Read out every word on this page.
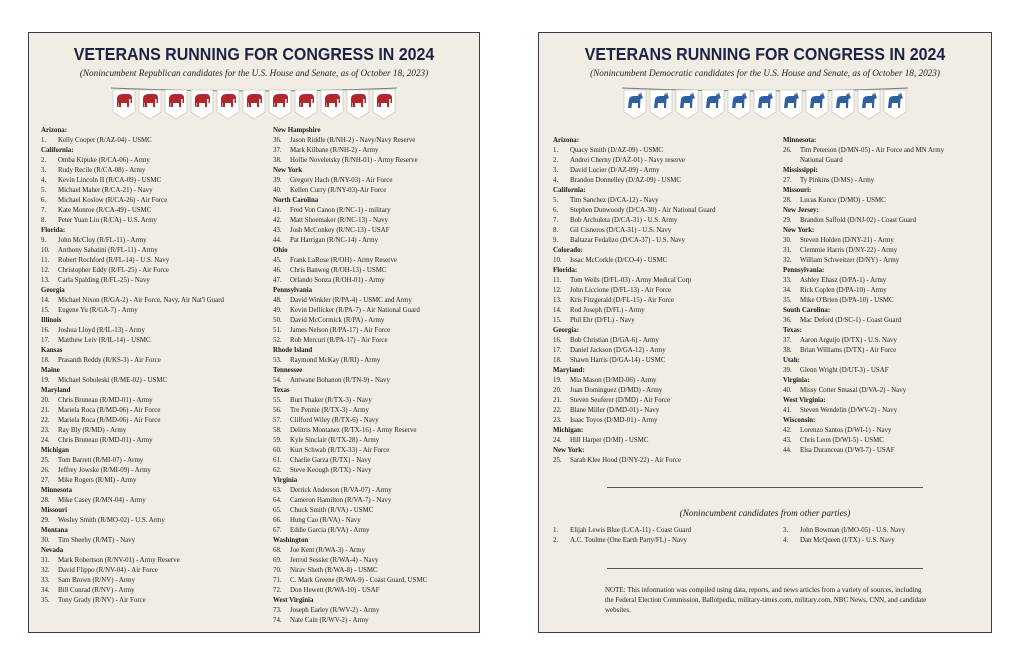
VETERANS RUNNING FOR CONGRESS IN 2024
(Nonincumbent Republican candidates for the U.S. House and Senate, as of October 18, 2023)
Arizona:
1. Kelly Cooper (R/AZ-04) - USMC
California:
2. Omba Kipuke (R/CA-06) - Army
3. Rudy Recile (R/CA-08) - Army
4. Kevin Lincoln II (R/CA-09) - USMC
5. Michael Maher (R/CA-21) - Navy
6. Michael Koslow (R/CA-26) - Air Force
7. Kate Monroe (R/CA-49) - USMC
8. Peter Yuan Liu (R/CA) - U.S. Army
Florida:
9. John McCloy (R/FL-11) - Army
10. Anthony Sabatini (R/FL-11) - Army
11. Robert Rochford (R/FL-14) - U.S. Navy
12. Christopher Eddy (R/FL-25) - Air Force
13. Carla Spalding (R/FL-25) - Navy
Georgia
14. Michael Nixon (R/GA-2) - Air Force, Navy, Air Nat'l Guard
15. Eugene Yu (R/GA-7) - Army
Illinois
16. Joshua Lloyd (R/IL-13) - Army
17. Matthew Leiv (R/IL-14) - USMC
Kansas
18. Prasanth Reddy (R/KS-3) - Air Force
Maine
19. Michael Soboleski (R/ME-02) - USMC
Maryland
20. Chris Bruneau (R/MD-01) - Army
21. Mariela Roca (R/MD-06) - Air Force
22. Mariela Roca (R/MD-06) - Air Force
23. Ray Bly (R/MD) - Army
24. Chris Bruneau (R/MD-01) - Army
Michigan
25. Tom Barrett (R/MI-07) - Army
26. Jeffrey Jowske (R/MI-09) - Army
27. Mike Rogers (R/MI) - Army
Minnesota
28. Mike Casey (R/MN-04) - Army
Missouri
29. Wesley Smith (R/MO-02) - U.S. Army
Montana
30. Tim Sheehy (R/MT) - Navy
Nevada
31. Mark Robertson (R/NV-01) - Army Reserve
32. David Flippo (R/NV-04) - Air Force
33. Sam Brown (R/NV) - Army
34. Bill Conrad (R/NV) - Army
35. Tony Grady (R/NV) - Air Force
New Hampshire
36. Jason Riddle (R/NH-2) - Navy/Navy Reserve
37. Mark Kilbane (R/NH-2) - Army
38. Hollie Noveletsky (R/NH-01) - Army Reserve
New York
39. Gregory Hach (R/NY-03) - Air Force
40. Kellen Curry (R/NY-03)-Air Force
North Carolina
41. Fred Von Canon (R/NC-1) - military
42. Matt Shoemaker (R/NC-13) - Navy
43. Josh McConkey (R/NC-13) - USAF
44. Pat Harrigan (R/NC-14) - Army
Ohio
45. Frank LaRose (R/OH) - Army Reserve
46. Chris Banweg (R/OH-13) - USMC
47. Orlando Sonza (R/OH-01) - Army
Pennsylvania
48. David Winkler (R/PA-4) - USMC and Army
49. Kevin Dellicker (R/PA-7) - Air National Guard
50. David McCormick (R/PA) - Army
51. James Nelson (R/PA-17) - Air Force
52. Rob Mercuri (R/PA-17) - Air Force
Rhode Island
53. Raymond McKay (R/RI) - Army
Tennessee
54. Antwane Bohanon (R/TN-9) - Navy
Texas
55. Burt Thaker (R/TX-3) - Navy
56. Tre Pennie (R/TX-3) - Army
57. Clifford Wiley (R/TX-6) - Navy
58. Delitris Montanez (R/TX-16) - Army Reserve
59. Kyle Sinclair (R/TX-28) - Army
60. Kurt Schwab (R/TX-33) - Air Force
61. Charlie Garza (R/TX) - Navy
62. Steve Keough (R/TX) - Navy
Virginia
63. Derrick Anderson (R/VA-07) - Army
64. Cameron Hamilton (R/VA-7) - Navy
65. Chuck Smith (R/VA) - USMC
66. Hung Cao (R/VA) - Navy
67. Eddie Garcia (R/VA) - Army
Washington
68. Joe Kent (R/WA-3) - Army
69. Jerrod Sessler (R/WA-4) - Navy
70. Nirav Sheth (R/WA-8) - USMC
71. C. Mark Greene (R/WA-9) - Coast Guard, USMC
72. Don Hewett (R/WA-10) - USAF
West Virginia
73. Joseph Earley (R/WV-2) - Army
74. Nate Cain (R/WV-2) - Army
VETERANS RUNNING FOR CONGRESS IN 2024
(Nonincumbent Democratic candidates for the U.S. House and Senate, as of October 18, 2023)
Arizona:
1. Quacy Smith (D/AZ-09) - USMC
2. Andrei Cherny (D/AZ-01) - Navy reserve
3. David Lucier (D/AZ-09) - Army
4. Brandon Donnelley (D/AZ-09) - USMC
California:
5. Tim Sanchez (D/CA-12) - Navy
6. Stephen Dunwoody (D/CA-30) - Air National Guard
7. Bob Archuleta (D/CA-31) - U.S. Army
8. Gil Cisneros (D/CA-31) - U.S. Navy
9. Baltazar Fedalizo (D/CA-37) - U.S. Navy
Colorado:
10. Issac McCorkle (D/CO-4) - USMC
Florida:
11. Tom Wells (D/FL-03) - Army Medical Corp
12. John Liccione (D/FL-13) - Air Force
13. Kris Fitzgerald (D/FL-15) - Air Force
14. Rod Joseph (D/FL) - Army
15. Phil Ehr (D/FL) - Navy
Georgia:
16. Bob Christian (D/GA-6) - Army
17. Daniel Jackson (D/GA-12) - Army
18. Shawn Harris (D/GA-14) - USMC
Maryland:
19. Mia Mason (D/MD-06) - Army
20. Juan Dominguez (D/MD) - Army
21. Steven Seuferer (D/MD) - Air Force
22. Blane Miller (D/MD-01) - Navy
23. Isaac Toyos (D/MD-01) - Army
Michigan:
24. Hill Harper (D/MI) - USMC
New York:
25. Sarah Klee Hood (D/NY-22) - Air Force
Minnesota:
26. Tim Peterson (D/MN-05) - Air Force and MN Army
National Guard
Mississippi:
27. Ty Pinkins (D/MS) - Army
Missouri:
28. Lucas Kunce (D/MO) - USMC
New Jersey:
29. Brandon Saffold (D/NJ-02) - Coast Guard
New York:
30. Steven Holden (D/NY-21) - Army
31. Clemmie Harris (D/NY-22) - Army
32. William Schweitzer (D/NY) - Army
Pennsylvania:
33. Ashley Ehasz (D/PA-1) - Army
34. Rick Coplen (D/PA-10) - Army
35. Mike O'Brien (D/PA-10) - USMC
South Carolina:
36. Mac Deford (D/SC-1) - Coast Guard
Texas:
37. Aaron Arguijo (D/TX) - U.S. Navy
38. Brian Williams (D/TX) - Air Force
Utah:
39. Glenn Wright (D/UT-3) - USAF
Virginia:
40. Missy Cotter Smasal (D/VA-2) - Navy
West Virginia:
41. Steven Wendelin (D/WV-2) - Navy
Wisconsin:
42. Lorenzo Santos (D/WI-1) - Navy
43. Chris Leon (D/WI-5) - USMC
44. Elsa Duranceau (D/WI-7) - USAF
(Nonincumbent candidates from other parties)
1. Elijah Lewis Blue (L/CA-11) - Coast Guard
2. A.C. Toulme (One Earth Party/FL) - Navy
3. John Bowman (I/MO-05) - U.S. Navy
4. Dan McQueen (I/TX) - U.S. Navy
NOTE: This information was compiled using data, reports, and news articles from a variety of sources, including the Federal Election Commission, Ballotpedia, military-times.com, military.com, NBC News, CNN, and candidate websites.
